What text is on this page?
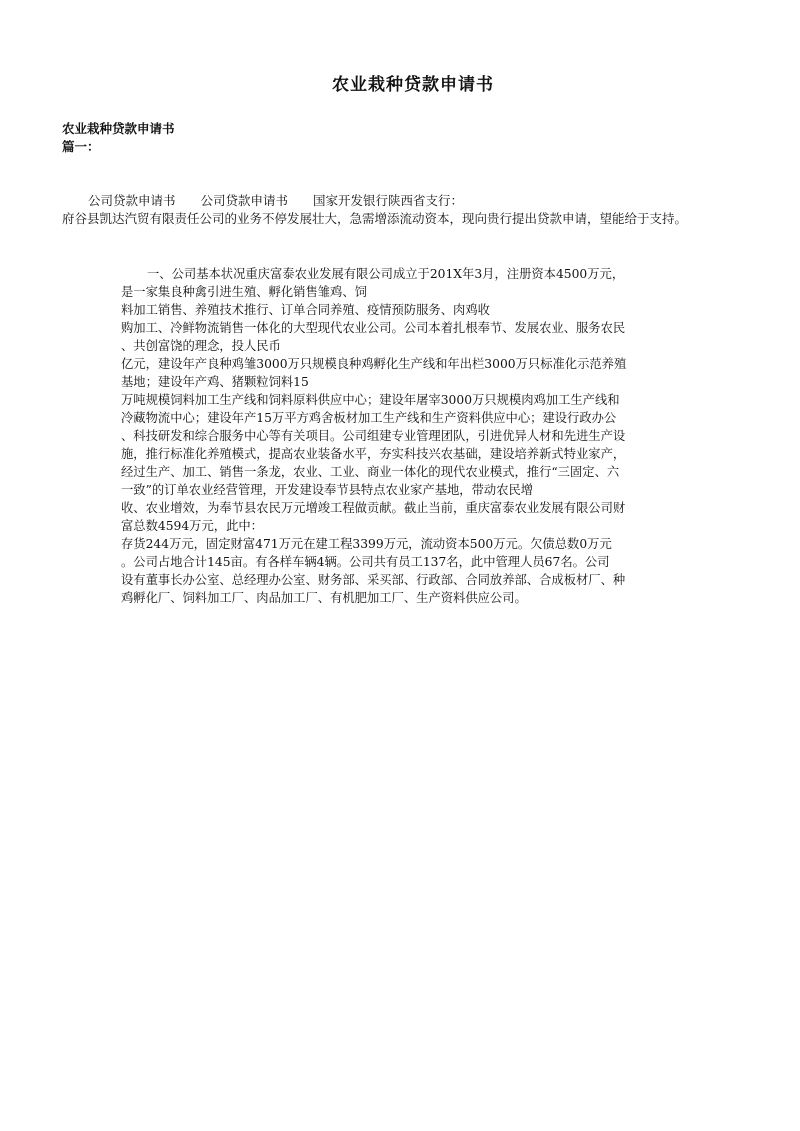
农业栽种贷款申请书
农业栽种贷款申请书
篇一：
公司贷款申请书　　公司贷款申请书　　国家开发银行陕西省支行：
府谷县凯达汽贸有限责任公司的业务不停发展壮大，急需增添流动资本，现向贵行提出贷款申请，望能给于支持。
一、公司基本状况重庆富泰农业发展有限公司成立于201X年3月，注册资本4500万元，
是一家集良种禽引进生殖、孵化销售雏鸡、饲
料加工销售、养殖技术推行、订单合同养殖、疫情预防服务、肉鸡收
购加工、冷鲜物流销售一体化的大型现代农业公司。公司本着扎根奉节、发展农业、服务农民
、共创富饶的理念，投人民币
亿元，建设年产良种鸡雏3000万只规模良种鸡孵化生产线和年出栏3000万只标准化示范养殖
基地；建设年产鸡、猪颗粒饲料15
万吨规模饲料加工生产线和饲料原料供应中心；建设年屠宰3000万只规模肉鸡加工生产线和
冷藏物流中心；建设年产15万平方鸡舍板材加工生产线和生产资料供应中心；建设行政办公
、科技研发和综合服务中心等有关项目。公司组建专业管理团队，引进优异人材和先进生产设
施，推行标准化养殖模式，提高农业装备水平，夯实科技兴农基础，建设培养新式特业家产，
经过生产、加工、销售一条龙，农业、工业、商业一体化的现代农业模式，推行“三固定、六
一致”的订单农业经营管理，开发建设奉节县特点农业家产基地，带动农民增
收、农业增效，为奉节县农民万元增竣工程做贡献。截止当前，重庆富泰农业发展有限公司财
富总数4594万元，此中：
存货244万元，固定财富471万元在建工程3399万元，流动资本500万元。欠债总数0万元
。公司占地合计145亩。有各样车辆4辆。公司共有员工137名，此中管理人员67名。公司
设有董事长办公室、总经理办公室、财务部、采买部、行政部、合同放养部、合成板材厂、种
鸡孵化厂、饲料加工厂、肉品加工厂、有机肥加工厂、生产资料供应公司。
